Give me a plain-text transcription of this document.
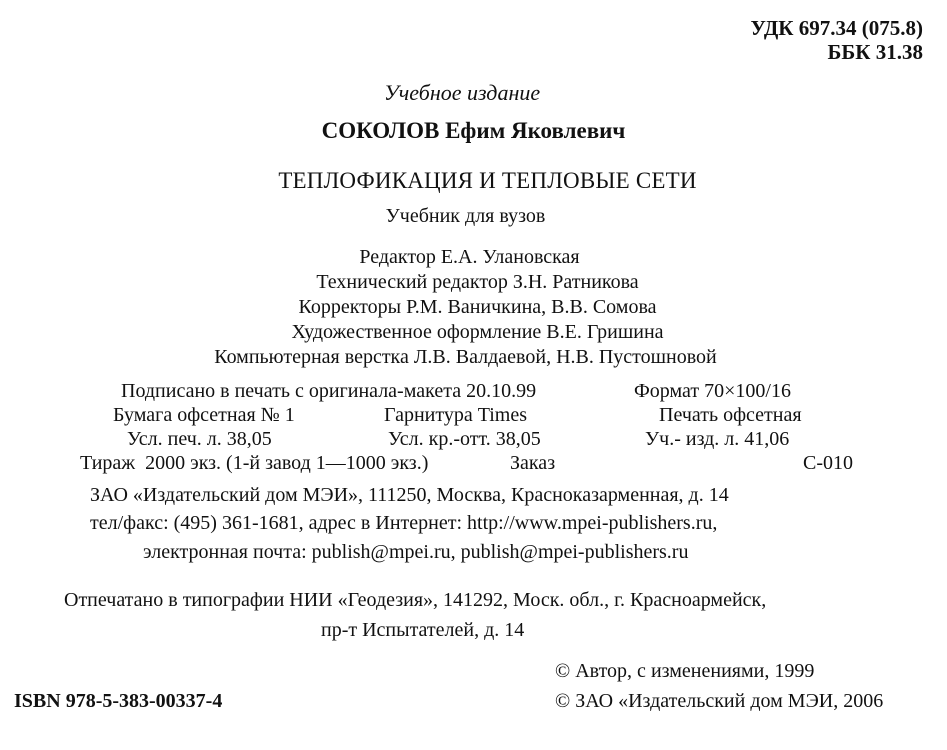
УДК 697.34 (075.8)
ББК 31.38
Учебное издание
СОКОЛОВ Ефим Яковлевич
ТЕПЛОФИКАЦИЯ И ТЕПЛОВЫЕ СЕТИ
Учебник для вузов
Редактор Е.А. Улановская
Технический редактор З.Н. Ратникова
Корректоры Р.М. Ваничкина, В.В. Сомова
Художественное оформление В.Е. Гришина
Компьютерная верстка Л.В. Валдаевой, Н.В. Пустошновой
Подписано в печать с оригинала-макета 20.10.99	Формат 70×100/16
Бумага офсетная № 1	Гарнитура Times	Печать офсетная
Усл. печ. л. 38,05	Усл. кр.-отт. 38,05	Уч.- изд. л. 41,06
Тираж  2000 экз. (1-й завод 1—1000 экз.)	Заказ	С-010
ЗАО «Издательский дом МЭИ», 111250, Москва, Красноказарменная, д. 14
тел/факс: (495) 361-1681, адрес в Интернет: http://www.mpei-publishers.ru,
электронная почта: publish@mpei.ru, publish@mpei-publishers.ru
Отпечатано в типографии НИИ «Геодезия», 141292, Моск. обл., г. Красноармейск,
пр-т Испытателей, д. 14
© Автор, с изменениями, 1999
© ЗАО «Издательский дом МЭИ, 2006
ISBN 978-5-383-00337-4
